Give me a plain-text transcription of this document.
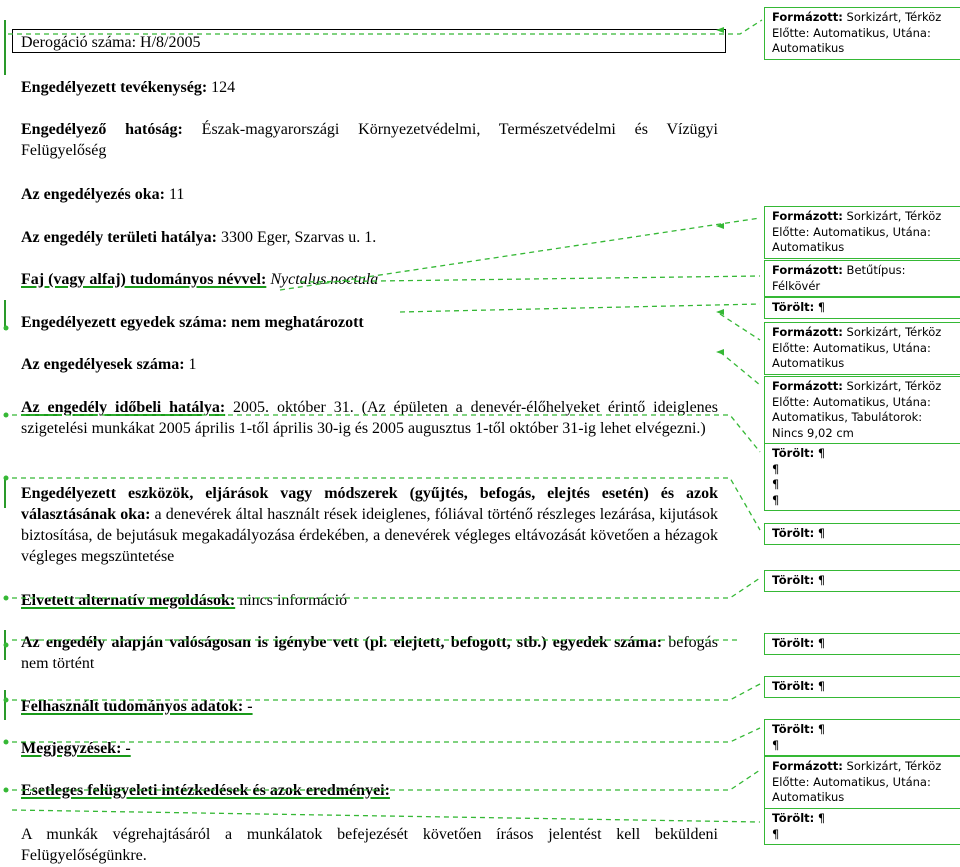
Derogáció száma: H/8/2005

Engedélyezett tevékenység: 124

Engedélyező hatóság: Észak-magyarországi Környezetvédelmi, Természetvédelmi és Vízügyi Felügyelőség

Az engedélyezés oka: 11

Az engedély területi hatálya: 3300 Eger, Szarvas u. 1.

Faj (vagy alfaj) tudományos névvel: Nyctalus noctula

Engedélyezett egyedek száma: nem meghatározott

Az engedélyesek száma: 1

Az engedély időbeli hatálya: 2005. október 31. (Az épületen a denevér-élőhelyeket érintő ideiglenes szigetelési munkákat 2005 április 1-től április 30-ig és 2005 augusztus 1-től október 31-ig lehet elvégezni.)

Engedélyezett eszközök, eljárások vagy módszerek (gyűjtés, befogás, elejtés esetén) és azok választásának oka: a denevérek által használt rések ideiglenes, fóliával történő részleges lezárása, kijutások biztosítása, de bejutásuk megakadályozása érdekében, a denevérek végleges eltávozását követően a hézagok végleges megszüntetése

Elvetett alternatív megoldások: nincs információ

Az engedély alapján valóságosan is igénybe vett (pl. elejtett, befogott, stb.) egyedek száma: befogás nem történt

Felhasznált tudományos adatok: -

Megjegyzések: -

Esetleges felügyeleti intézkedések és azok eredményei:

A munkák végrehajtásáról a munkálatok befejezését követően írásos jelentést kell beküldeni Felügyelőségünkre.

Formázott: Sorkizárt, Térköz
Előtte: Automatikus, Utána:
Automatikus
Formázott: Sorkizárt, Térköz
Előtte: Automatikus, Utána:
Automatikus
Formázott: Betűtípus:
Félkövér
Törölt: ¶
Formázott: Sorkizárt, Térköz
Előtte: Automatikus, Utána:
Automatikus
Formázott: Sorkizárt, Térköz
Előtte: Automatikus, Utána:
Automatikus, Tabulátorok:
Nincs 9,02 cm
Törölt: ¶
¶
¶
¶
Törölt: ¶
Törölt: ¶
Törölt: ¶
Törölt: ¶
Törölt: ¶
¶
Formázott: Sorkizárt, Térköz
Előtte: Automatikus, Utána:
Automatikus
Törölt: ¶
¶
